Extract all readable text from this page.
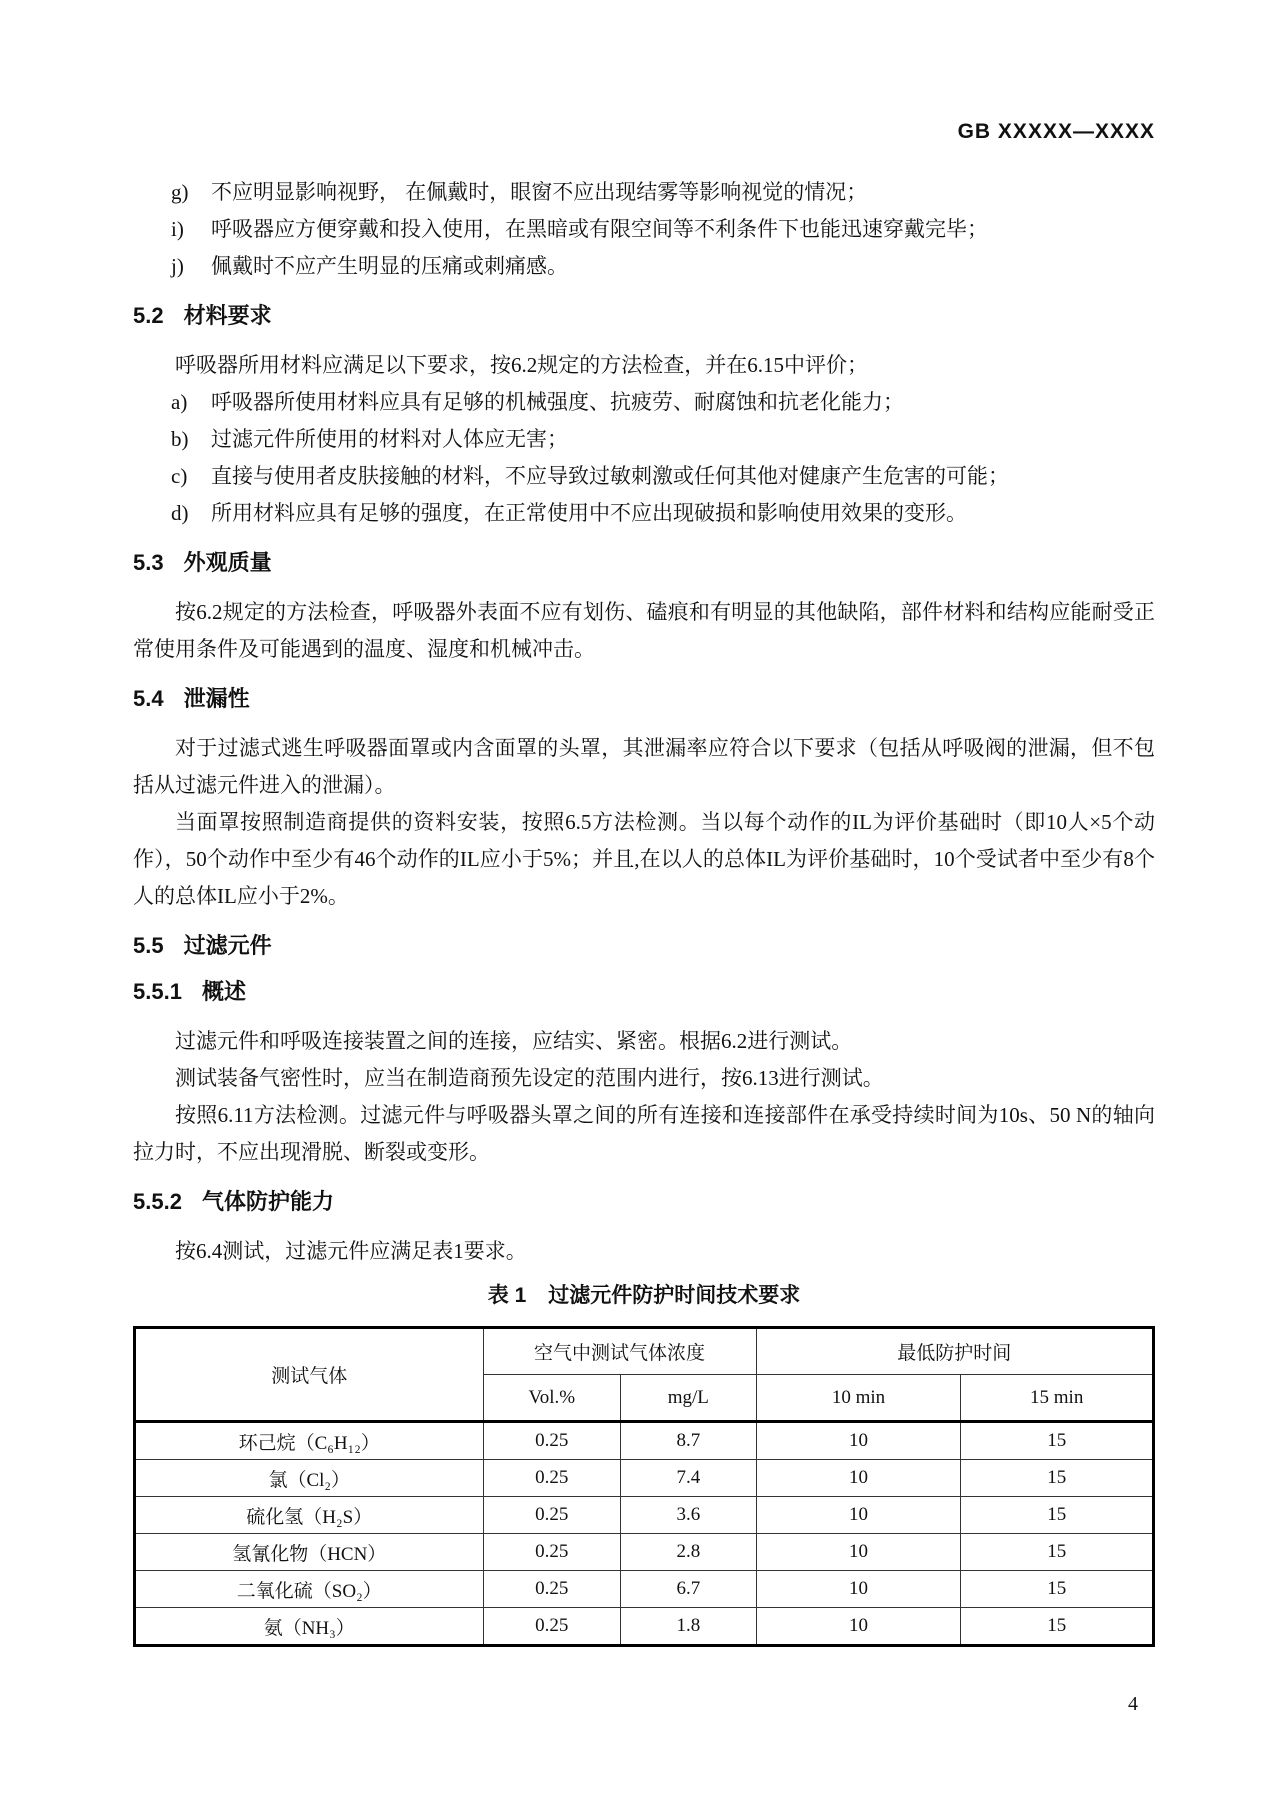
GB XXXXX—XXXX
g)	不应明显影响视野， 在佩戴时，眼窗不应出现结雾等影响视觉的情况；
i)	呼吸器应方便穿戴和投入使用，在黑暗或有限空间等不利条件下也能迅速穿戴完毕；
j)	佩戴时不应产生明显的压痛或刺痛感。
5.2 材料要求

呼吸器所用材料应满足以下要求，按6.2规定的方法检查，并在6.15中评价；

a)	呼吸器所使用材料应具有足够的机械强度、抗疲劳、耐腐蚀和抗老化能力；
b)	过滤元件所使用的材料对人体应无害；
c)	直接与使用者皮肤接触的材料，不应导致过敏刺激或任何其他对健康产生危害的可能；
d)	所用材料应具有足够的强度，在正常使用中不应出现破损和影响使用效果的变形。
5.3 外观质量

按6.2规定的方法检查，呼吸器外表面不应有划伤、磕痕和有明显的其他缺陷，部件材料和结构应能耐受正常使用条件及可能遇到的温度、湿度和机械冲击。

5.4 泄漏性

对于过滤式逃生呼吸器面罩或内含面罩的头罩，其泄漏率应符合以下要求（包括从呼吸阀的泄漏，但不包括从过滤元件进入的泄漏）。

当面罩按照制造商提供的资料安装，按照6.5方法检测。当以每个动作的IL为评价基础时（即10人×5个动作），50个动作中至少有46个动作的IL应小于5%；并且,在以人的总体IL为评价基础时，10个受试者中至少有8个人的总体IL应小于2%。

5.5 过滤元件
5.5.1 概述

过滤元件和呼吸连接装置之间的连接，应结实、紧密。根据6.2进行测试。

测试装备气密性时，应当在制造商预先设定的范围内进行，按6.13进行测试。

按照6.11方法检测。过滤元件与呼吸器头罩之间的所有连接和连接部件在承受持续时间为10s、50 N的轴向拉力时，不应出现滑脱、断裂或变形。

5.5.2 气体防护能力

按6.4测试，过滤元件应满足表1要求。

表 1 过滤元件防护时间技术要求
测试气体	空气中测试气体浓度		最低防护时间	
	Vol.%	mg/L	10 min	15 min
环己烷（C₆H₁₂）	0.25	8.7	10	15
氯（Cl₂）	0.25	7.4	10	15
硫化氢（H₂S）	0.25	3.6	10	15
氢氰化物（HCN）	0.25	2.8	10	15
二氧化硫（SO₂）	0.25	6.7	10	15
氨（NH₃）	0.25	1.8	10	15
4
